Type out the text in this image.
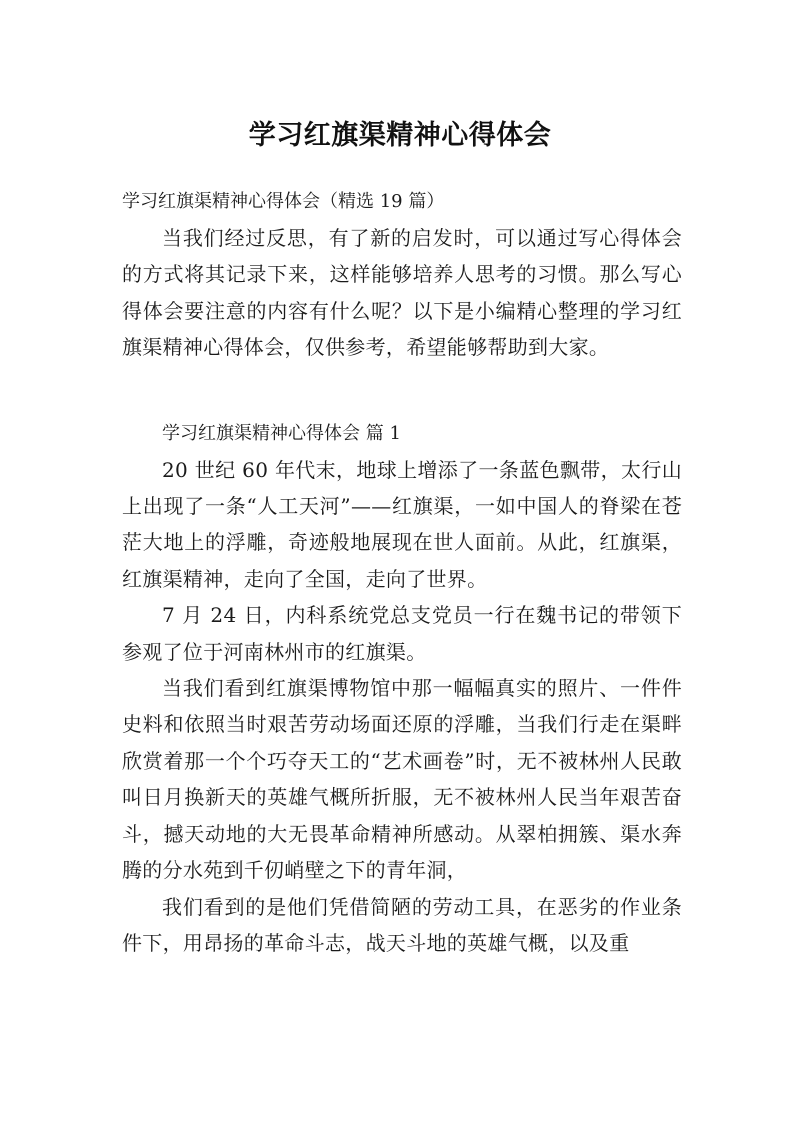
学习红旗渠精神心得体会

学习红旗渠精神心得体会（精选 19 篇）

当我们经过反思，有了新的启发时，可以通过写心得体会的方式将其记录下来，这样能够培养人思考的习惯。那么写心得体会要注意的内容有什么呢？以下是小编精心整理的学习红旗渠精神心得体会，仅供参考，希望能够帮助到大家。

学习红旗渠精神心得体会 篇 1

20 世纪 60 年代末，地球上增添了一条蓝色飘带，太行山上出现了一条“人工天河”——红旗渠，一如中国人的脊梁在苍茫大地上的浮雕，奇迹般地展现在世人面前。从此，红旗渠，红旗渠精神，走向了全国，走向了世界。

7 月 24 日，内科系统党总支党员一行在魏书记的带领下参观了位于河南林州市的红旗渠。

当我们看到红旗渠博物馆中那一幅幅真实的照片、一件件史料和依照当时艰苦劳动场面还原的浮雕，当我们行走在渠畔欣赏着那一个个巧夺天工的“艺术画卷”时，无不被林州人民敢叫日月换新天的英雄气概所折服，无不被林州人民当年艰苦奋斗，撼天动地的大无畏革命精神所感动。从翠柏拥簇、渠水奔腾的分水苑到千仞峭壁之下的青年洞，

我们看到的是他们凭借简陋的劳动工具，在恶劣的作业条件下，用昂扬的革命斗志，战天斗地的英雄气概，以及重
